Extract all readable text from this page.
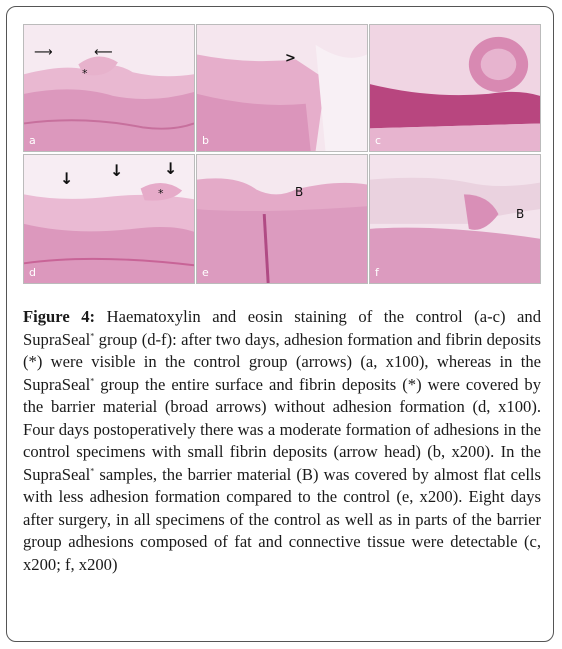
⟶	⟵
*
a
>
b	c
↓ ↓	↓
*
d
B
e
B
f
Figure 4: Haematoxylin and eosin staining of the control (a-c) and SupraSeal* group (d-f): after two days, adhesion formation and fibrin deposits (*) were visible in the control group (arrows) (a, x100), whereas in the SupraSeal* group the entire surface and fibrin deposits (*) were covered by the barrier material (broad arrows) without adhesion formation (d, x100). Four days postoperatively there was a moderate formation of adhesions in the control specimens with small fibrin deposits (arrow head) (b, x200). In the SupraSeal* samples, the barrier material (B) was covered by almost flat cells with less adhesion formation compared to the control (e, x200). Eight days after surgery, in all specimens of the control as well as in parts of the barrier group adhesions composed of fat and connective tissue were detectable (c, x200; f, x200)
